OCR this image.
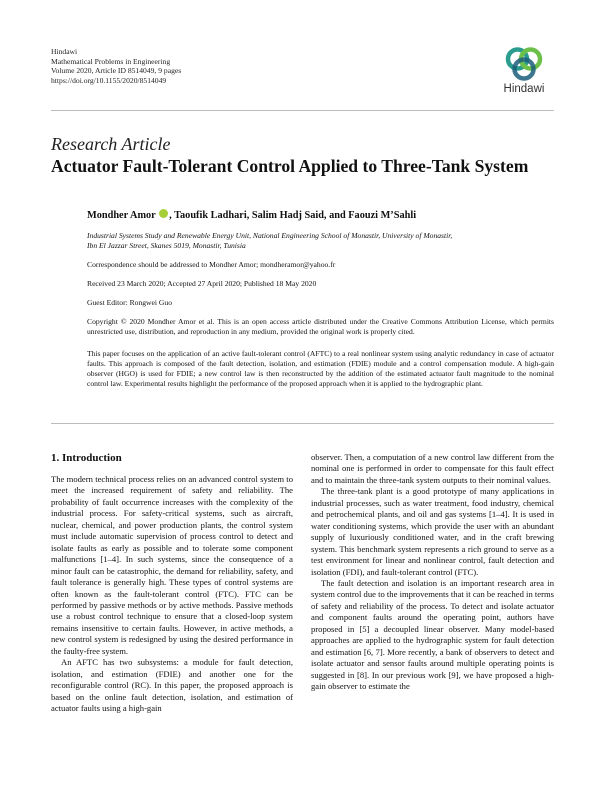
Hindawi
Mathematical Problems in Engineering
Volume 2020, Article ID 8514049, 9 pages
https://doi.org/10.1155/2020/8514049
Hindawi
Research Article
Actuator Fault-Tolerant Control Applied to Three-Tank System
Mondher Amor , Taoufik Ladhari, Salim Hadj Said, and Faouzi M’Sahli
Industrial Systems Study and Renewable Energy Unit, National Engineering School of Monastir, University of Monastir,
Ibn El Jazzar Street, Skanes 5019, Monastir, Tunisia
Correspondence should be addressed to Mondher Amor; mondheramor@yahoo.fr
Received 23 March 2020; Accepted 27 April 2020; Published 18 May 2020
Guest Editor: Rongwei Guo
Copyright © 2020 Mondher Amor et al. This is an open access article distributed under the Creative Commons Attribution License, which permits unrestricted use, distribution, and reproduction in any medium, provided the original work is properly cited.
This paper focuses on the application of an active fault-tolerant control (AFTC) to a real nonlinear system using analytic redundancy in case of actuator faults. This approach is composed of the fault detection, isolation, and estimation (FDIE) module and a control compensation module. A high-gain observer (HGO) is used for FDIE; a new control law is then reconstructed by the addition of the estimated actuator fault magnitude to the nominal control law. Experimental results highlight the performance of the proposed approach when it is applied to the hydrographic plant.
1. Introduction

The modern technical process relies on an advanced control system to meet the increased requirement of safety and reliability. The probability of fault occurrence increases with the complexity of the industrial process. For safety-critical systems, such as aircraft, nuclear, chemical, and power production plants, the control system must include automatic supervision of process control to detect and isolate faults as early as possible and to tolerate some component malfunctions [1–4]. In such systems, since the consequence of a minor fault can be catastrophic, the demand for reliability, safety, and fault tolerance is generally high. These types of control systems are often known as the fault-tolerant control (FTC). FTC can be performed by passive methods or by active methods. Passive methods use a robust control technique to ensure that a closed-loop system remains insensitive to certain faults. However, in active methods, a new control system is redesigned by using the desired performance in the faulty-free system.

An AFTC has two subsystems: a module for fault detection, isolation, and estimation (FDIE) and another one for the reconfigurable control (RC). In this paper, the proposed approach is based on the online fault detection, isolation, and estimation of actuator faults using a high-gain

observer. Then, a computation of a new control law different from the nominal one is performed in order to compensate for this fault effect and to maintain the three-tank system outputs to their nominal values.

The three-tank plant is a good prototype of many applications in industrial processes, such as water treatment, food industry, chemical and petrochemical plants, and oil and gas systems [1–4]. It is used in water conditioning systems, which provide the user with an abundant supply of luxuriously conditioned water, and in the craft brewing system. This benchmark system represents a rich ground to serve as a test environment for linear and nonlinear control, fault detection and isolation (FDI), and fault-tolerant control (FTC).

The fault detection and isolation is an important research area in system control due to the improvements that it can be reached in terms of safety and reliability of the process. To detect and isolate actuator and component faults around the operating point, authors have proposed in [5] a decoupled linear observer. Many model-based approaches are applied to the hydrographic system for fault detection and estimation [6, 7]. More recently, a bank of observers to detect and isolate actuator and sensor faults around multiple operating points is suggested in [8]. In our previous work [9], we have proposed a high-gain observer to estimate the
